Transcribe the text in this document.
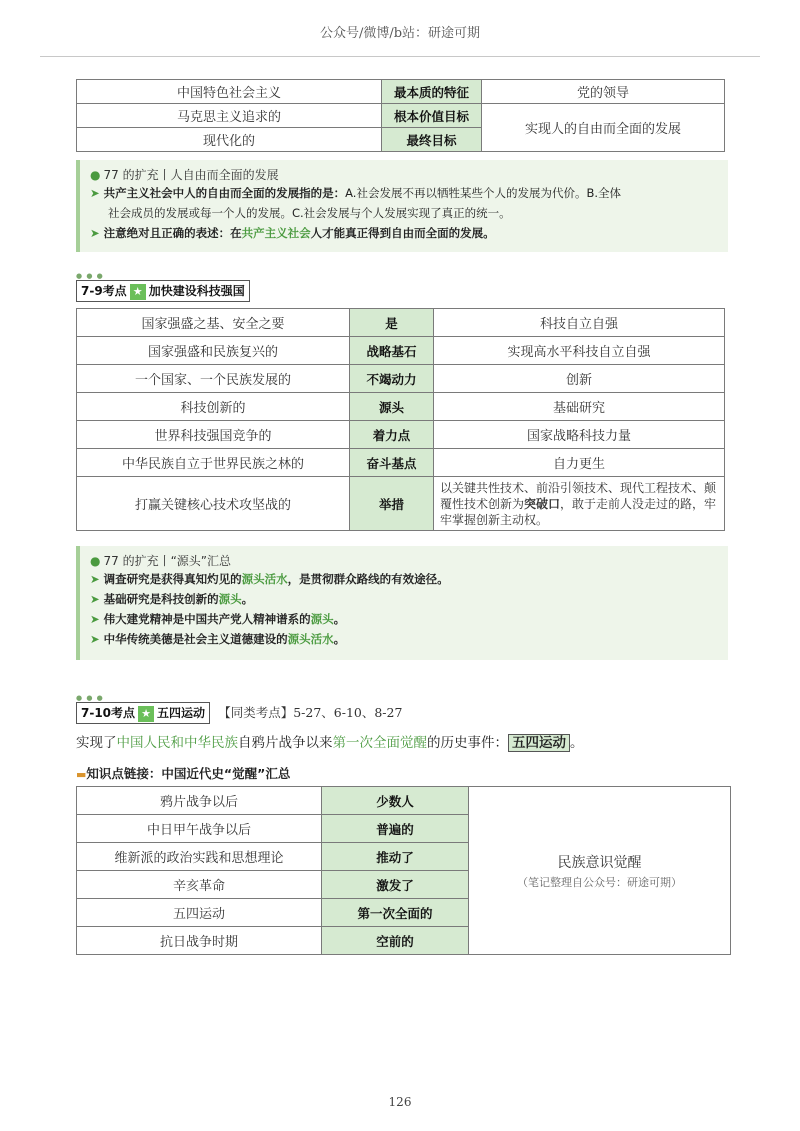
公众号/微博/b站：研途可期
中国特色社会主义	最本质的特征	党的领导
马克思主义追求的	根本价值目标	实现人的自由而全面的发展
现代化的	最终目标	
● 77 的扩充丨人自由而全面的发展
➤ 共产主义社会中人的自由而全面的发展指的是：A.社会发展不再以牺牲某些个人的发展为代价。B.全体
社会成员的发展或每一个人的发展。C.社会发展与个人发展实现了真正的统一。
➤ 注意绝对且正确的表述：在共产主义社会人才能真正得到自由而全面的发展。
● ● ●
7-9考点 ★ 加快建设科技强国
国家强盛之基、安全之要	是	科技自立自强
国家强盛和民族复兴的	战略基石	实现高水平科技自立自强
一个国家、一个民族发展的	不竭动力	创新
科技创新的	源头	基础研究
世界科技强国竞争的	着力点	国家战略科技力量
中华民族自立于世界民族之林的	奋斗基点	自力更生
打赢关键核心技术攻坚战的	举措	以关键共性技术、前沿引领技术、现代工程技术、颠覆性技术创新为突破口，敢于走前人没走过的路，牢牢掌握创新主动权。
● 77 的扩充丨“源头”汇总
➤ 调查研究是获得真知灼见的源头活水，是贯彻群众路线的有效途径。
➤ 基础研究是科技创新的源头。
➤ 伟大建党精神是中国共产党人精神谱系的源头。
➤ 中华传统美德是社会主义道德建设的源头活水。
● ● ●
7-10考点 ★ 五四运动 【同类考点】5-27、6-10、8-27
实现了中国人民和中华民族自鸦片战争以来第一次全面觉醒的历史事件： 五四运动 。
▬知识点链接：中国近代史“觉醒”汇总
鸦片战争以后	少数人	民族意识觉醒
（笔记整理自公众号：研途可期）

中日甲午战争以后	普遍的	
维新派的政治实践和思想理论	推动了	
辛亥革命	激发了	
五四运动	第一次全面的	
抗日战争时期	空前的	
126
